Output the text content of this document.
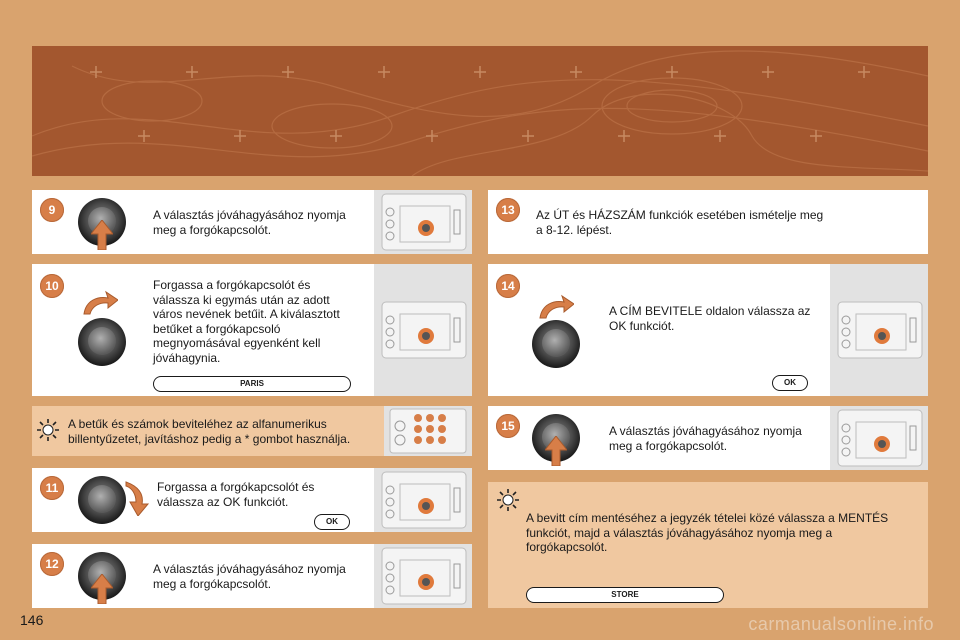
9	A választás jóváhagyásához nyomja meg a forgókapcsolót.
10	Forgassa a forgókapcsolót és válassza ki egymás után az adott város nevének betűit. A kiválasztott betűket a forgókapcsoló megnyomásával egyenként kell jóváhagynia.
PARIS
A betűk és számok beviteléhez az alfanumerikus billentyűzetet, javításhoz pedig a * gombot használja.
11	Forgassa a forgókapcsolót és válassza az OK funkciót.
OK
12	A választás jóváhagyásához nyomja meg a forgókapcsolót.
13	Az ÚT és HÁZSZÁM funkciók esetében ismételje meg a 8-12. lépést.
14
A CÍM BEVITELE oldalon válassza az OK funkciót.
OK
15	A választás jóváhagyásához nyomja meg a forgókapcsolót.
A bevitt cím mentéséhez a jegyzék tételei közé válassza a MENTÉS funkciót, majd a választás jóváhagyásához nyomja meg a forgókapcsolót.
STORE
146	carmanualsonline.info
